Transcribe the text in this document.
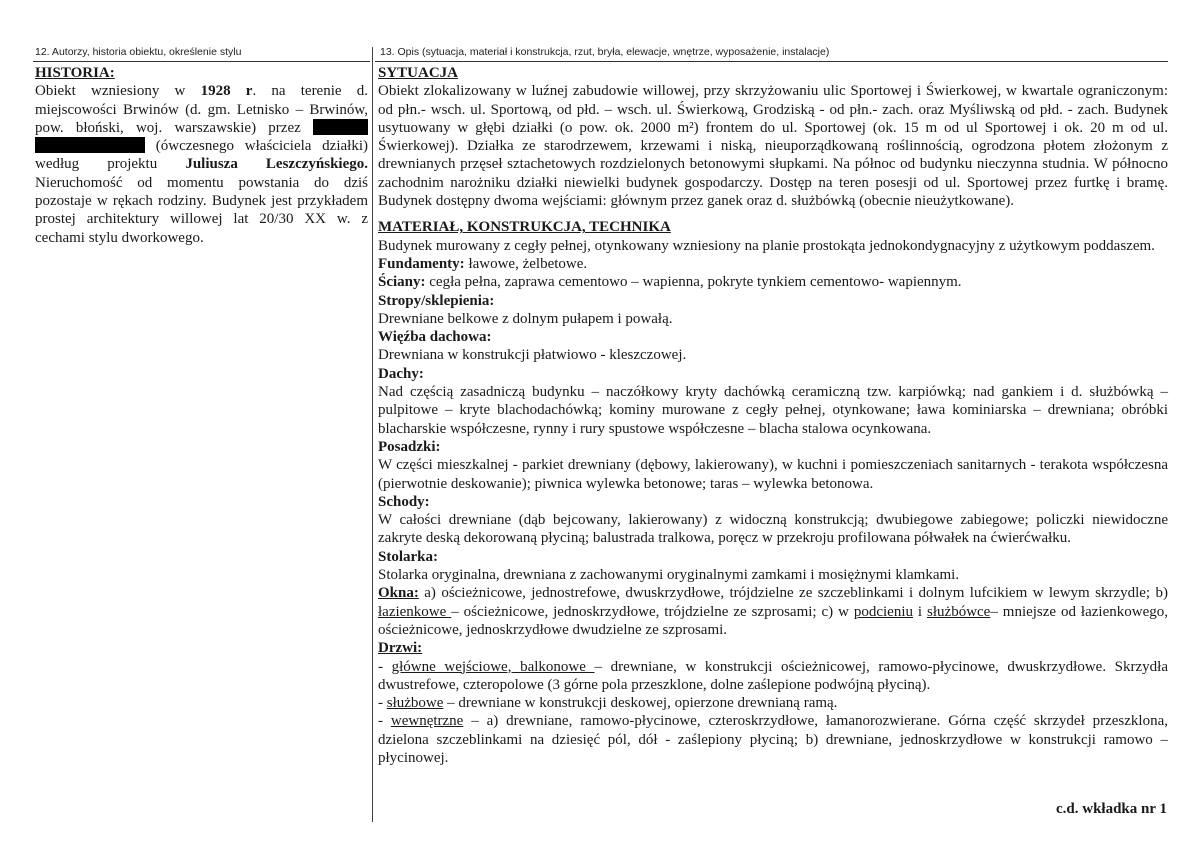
12. Autorzy, historia obiektu, określenie stylu	13. Opis (sytuacja, materiał i konstrukcja, rzut, bryła, elewacje, wnętrze, wyposażenie, instalacje)

HISTORIA:

Obiekt wzniesiony w 1928 r. na terenie d. miejscowości Brwinów (d. gm. Letnisko – Brwinów, pow. błoński, woj. warszawskie) przez   (ówczesnego właściciela działki) według projektu Juliusza Leszczyńskiego. Nieruchomość od momentu powstania do dziś pozostaje w rękach rodziny. Budynek jest przykładem prostej architektury willowej lat 20/30 XX w. z cechami stylu dworkowego.

SYTUACJA

Obiekt zlokalizowany w luźnej zabudowie willowej, przy skrzyżowaniu ulic Sportowej i Świerkowej, w kwartale ograniczonym: od płn.- wsch. ul. Sportową, od płd. – wsch. ul. Świerkową, Grodziską - od płn.- zach. oraz Myśliwską od płd. - zach. Budynek usytuowany w głębi działki (o pow. ok. 2000 m²) frontem do ul. Sportowej (ok. 15 m od ul Sportowej i ok. 20 m od ul. Świerkowej). Działka ze starodrzewem, krzewami i niską, nieuporządkowaną roślinnością, ogrodzona płotem złożonym z drewnianych przęseł sztachetowych rozdzielonych betonowymi słupkami. Na północ od budynku nieczynna studnia. W północno zachodnim narożniku działki niewielki budynek gospodarczy. Dostęp na teren posesji od ul. Sportowej przez furtkę i bramę. Budynek dostępny dwoma wejściami: głównym przez ganek oraz d. służbówką (obecnie nieużytkowane).

MATERIAŁ, KONSTRUKCJA, TECHNIKA

Budynek murowany z cegły pełnej, otynkowany wzniesiony na planie prostokąta jednokondygnacyjny z użytkowym poddaszem.

Fundamenty: ławowe, żelbetowe.

Ściany: cegła pełna, zaprawa cementowo – wapienna, pokryte tynkiem cementowo- wapiennym.

Stropy/sklepienia:

Drewniane belkowe z dolnym pułapem i powałą.

Więźba dachowa:

Drewniana w konstrukcji płatwiowo - kleszczowej.

Dachy:

Nad częścią zasadniczą budynku – naczółkowy kryty dachówką ceramiczną tzw. karpiówką; nad gankiem i d. służbówką – pulpitowe – kryte blachodachówką; kominy murowane z cegły pełnej, otynkowane; ława kominiarska – drewniana; obróbki blacharskie współczesne, rynny i rury spustowe współczesne – blacha stalowa ocynkowana.

Posadzki:

W części mieszkalnej - parkiet drewniany (dębowy, lakierowany), w kuchni i pomieszczeniach sanitarnych - terakota współczesna (pierwotnie deskowanie); piwnica wylewka betonowe; taras – wylewka betonowa.

Schody:

W całości drewniane (dąb bejcowany, lakierowany) z widoczną konstrukcją; dwubiegowe zabiegowe; policzki niewidoczne zakryte deską dekorowaną płyciną; balustrada tralkowa, poręcz w przekroju profilowana półwałek na ćwierćwałku.

Stolarka:

Stolarka oryginalna, drewniana z zachowanymi oryginalnymi zamkami i mosiężnymi klamkami.

Okna: a) ościeżnicowe, jednostrefowe, dwuskrzydłowe, trójdzielne ze szczeblinkami i dolnym lufcikiem w lewym skrzydle; b) łazienkowe – ościeżnicowe, jednoskrzydłowe, trójdzielne ze szprosami; c) w podcieniu i służbówce– mniejsze od łazienkowego, ościeżnicowe, jednoskrzydłowe dwudzielne ze szprosami.

Drzwi:

- główne wejściowe, balkonowe – drewniane, w konstrukcji ościeżnicowej, ramowo-płycinowe, dwuskrzydłowe. Skrzydła dwustrefowe, czteropolowe (3 górne pola przeszklone, dolne zaślepione podwójną płyciną).

- służbowe – drewniane w konstrukcji deskowej, opierzone drewnianą ramą.

- wewnętrzne – a) drewniane, ramowo-płycinowe, czteroskrzydłowe, łamanorozwierane. Górna część skrzydeł przeszklona, dzielona szczeblinkami na dziesięć pól, dół - zaślepiony płyciną; b) drewniane, jednoskrzydłowe w konstrukcji ramowo – płycinowej.

c.d. wkładka nr 1
